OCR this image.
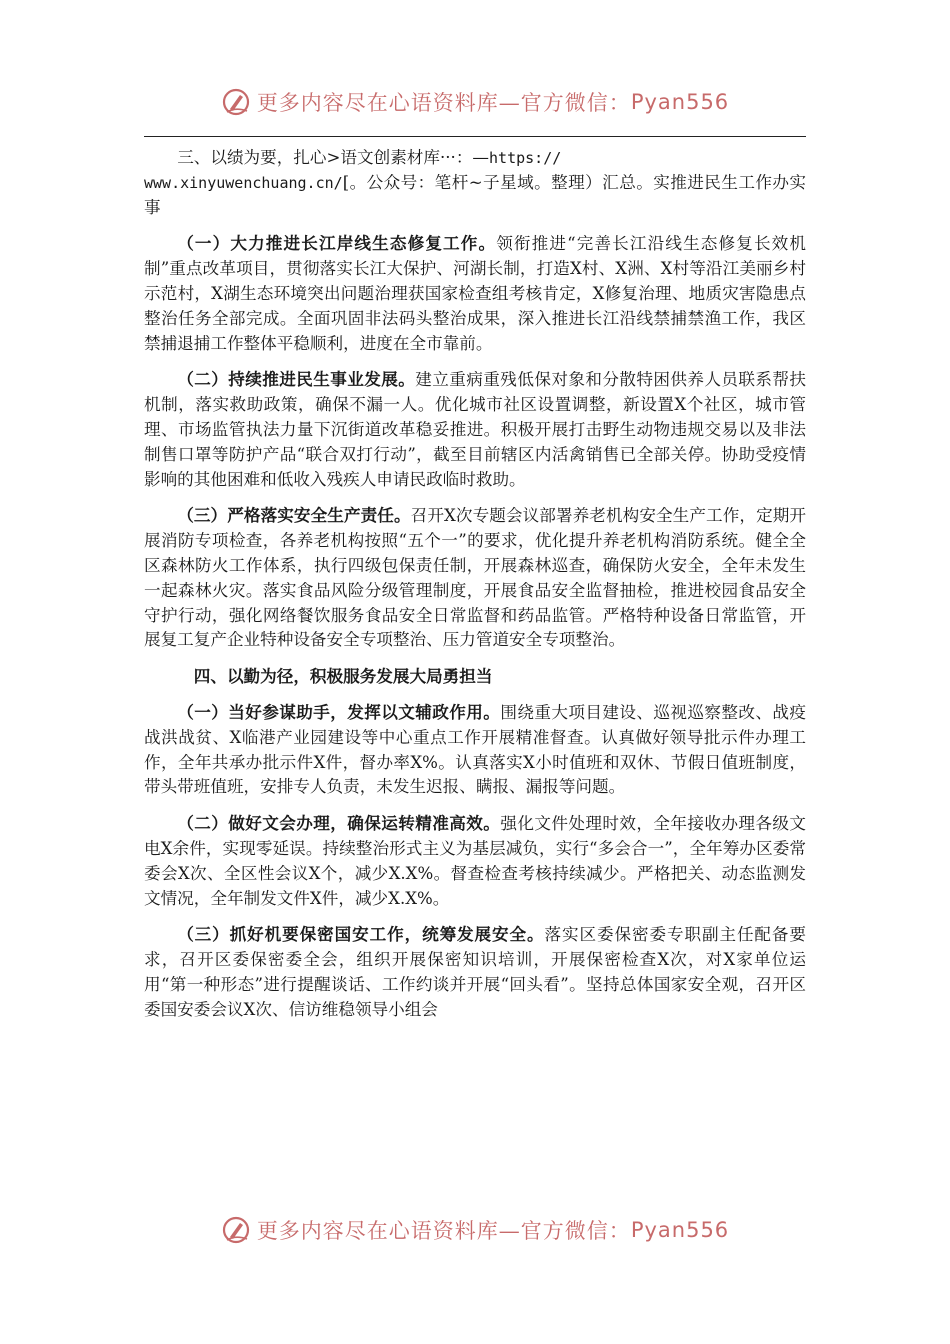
更多内容尽在心语资料库—官方微信： Pyan556

三、以绩为要，扎心>语文创素材库···：—https://
www.xinyuwenchuang.cn/[。公众号：笔杆~子星域。整理）汇总。实推进民生工作办实事

（一）大力推进长江岸线生态修复工作。领衔推进“完善长江沿线生态修复长效机制”重点改革项目，贯彻落实长江大保护、河湖长制，打造X村、X洲、X村等沿江美丽乡村示范村，X湖生态环境突出问题治理获国家检查组考核肯定，X修复治理、地质灾害隐患点整治任务全部完成。全面巩固非法码头整治成果，深入推进长江沿线禁捕禁渔工作，我区禁捕退捕工作整体平稳顺利，进度在全市靠前。

（二）持续推进民生事业发展。建立重病重残低保对象和分散特困供养人员联系帮扶机制，落实救助政策，确保不漏一人。优化城市社区设置调整，新设置X个社区，城市管理、市场监管执法力量下沉街道改革稳妥推进。积极开展打击野生动物违规交易以及非法制售口罩等防护产品“联合双打行动”，截至目前辖区内活禽销售已全部关停。协助受疫情影响的其他困难和低收入残疾人申请民政临时救助。

（三）严格落实安全生产责任。召开X次专题会议部署养老机构安全生产工作，定期开展消防专项检查，各养老机构按照“五个一”的要求，优化提升养老机构消防系统。健全全区森林防火工作体系，执行四级包保责任制，开展森林巡查，确保防火安全，全年未发生一起森林火灾。落实食品风险分级管理制度，开展食品安全监督抽检，推进校园食品安全守护行动，强化网络餐饮服务食品安全日常监督和药品监管。严格特种设备日常监管，开展复工复产企业特种设备安全专项整治、压力管道安全专项整治。

四、以勤为径，积极服务发展大局勇担当

（一）当好参谋助手，发挥以文辅政作用。围绕重大项目建设、巡视巡察整改、战疫战洪战贫、X临港产业园建设等中心重点工作开展精准督查。认真做好领导批示件办理工作，全年共承办批示件X件，督办率X%。认真落实X小时值班和双休、节假日值班制度，带头带班值班，安排专人负责，未发生迟报、瞒报、漏报等问题。

（二）做好文会办理，确保运转精准高效。强化文件处理时效，全年接收办理各级文电X余件，实现零延误。持续整治形式主义为基层减负，实行“多会合一”，全年筹办区委常委会X次、全区性会议X个，减少X.X%。督查检查考核持续减少。严格把关、动态监测发文情况，全年制发文件X件，减少X.X%。

（三）抓好机要保密国安工作，统筹发展安全。落实区委保密委专职副主任配备要求，召开区委保密委全会，组织开展保密知识培训，开展保密检查X次，对X家单位运用“第一种形态”进行提醒谈话、工作约谈并开展“回头看”。坚持总体国家安全观，召开区委国安委会议X次、信访维稳领导小组会

更多内容尽在心语资料库—官方微信： Pyan556
